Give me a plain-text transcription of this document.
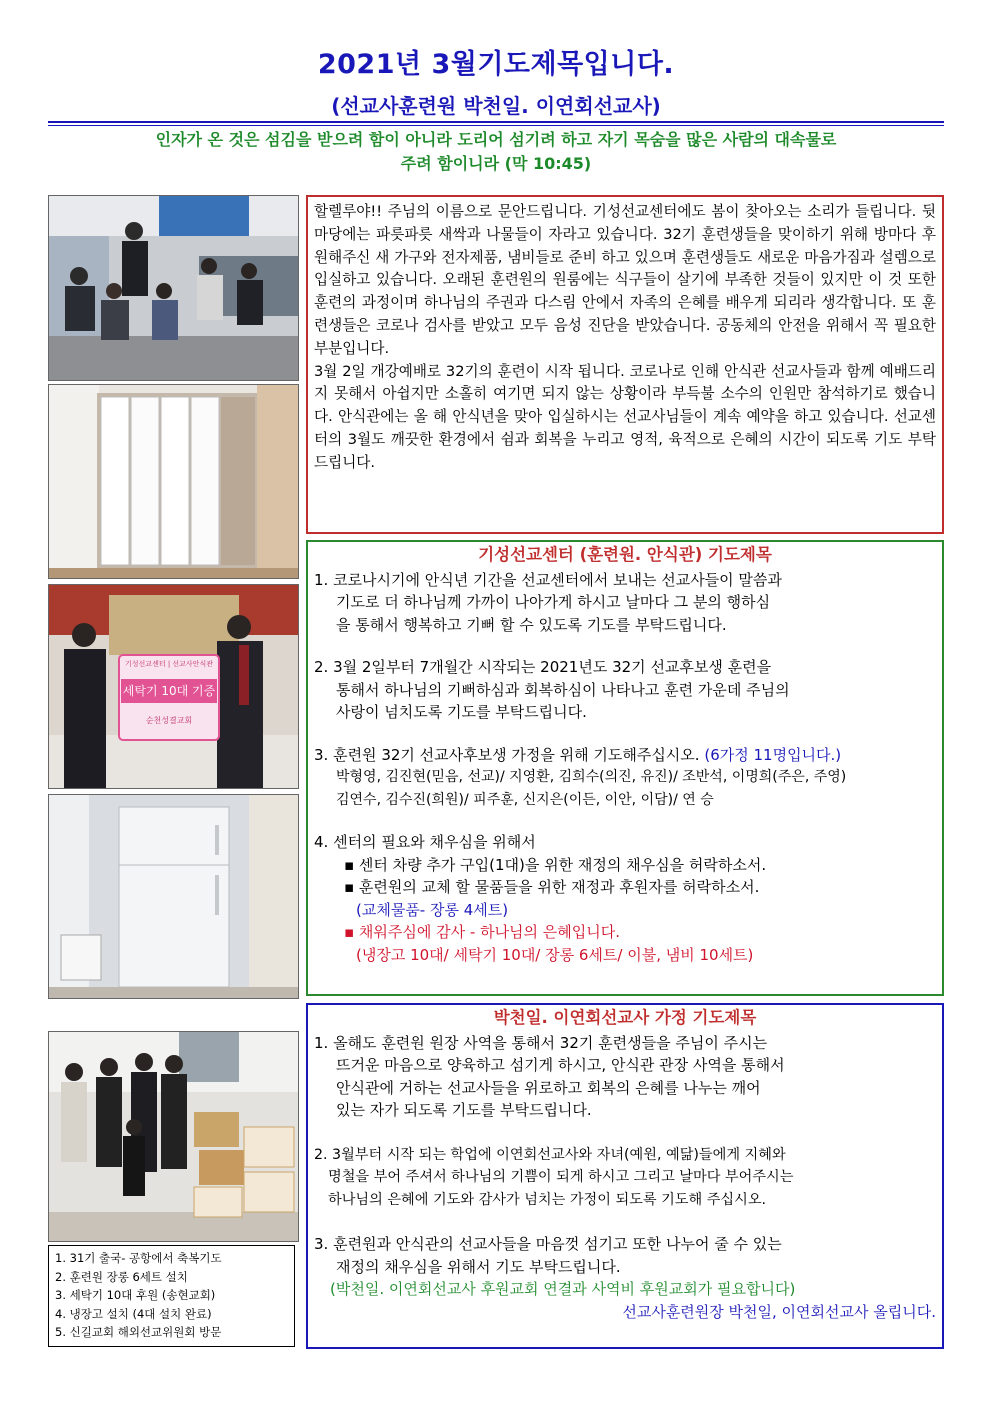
2021년 3월기도제목입니다.
(선교사훈련원 박천일. 이연회선교사)
인자가 온 것은 섬김을 받으려 함이 아니라 도리어 섬기려 하고 자기 목숨을 많은 사람의 대속물로
주려 함이니라 (막 10:45)
기성선교센터 | 선교사안식관
세탁기 10대 기증
순천성결교회
1. 31기 출국- 공항에서 축복기도
2. 훈련원 장롱 6세트 설치
3. 세탁기 10대 후원 (송현교회)
4. 냉장고 설치 (4대 설치 완료)
5. 신길교회 해외선교위원회 방문

할렐루야!! 주님의 이름으로 문안드립니다. 기성선교센터에도 봄이 찾아오는 소리가 들립니다. 뒷마당에는 파릇파릇 새싹과 나물들이 자라고 있습니다. 32기 훈련생들을 맞이하기 위해 방마다 후원해주신 새 가구와 전자제품, 냄비들로 준비 하고 있으며 훈련생들도 새로운 마음가짐과 설렘으로 입실하고 있습니다. 오래된 훈련원의 원룸에는 식구들이 살기에 부족한 것들이 있지만 이 것 또한 훈련의 과정이며 하나님의 주권과 다스림 안에서 자족의 은혜를 배우게 되리라 생각합니다. 또 훈련생들은 코로나 검사를 받았고 모두 음성 진단을 받았습니다. 공동체의 안전을 위해서 꼭 필요한 부분입니다.

3월 2일 개강예배로 32기의 훈련이 시작 됩니다. 코로나로 인해 안식관 선교사들과 함께 예배드리지 못해서 아쉽지만 소홀히 여기면 되지 않는 상황이라 부득불 소수의 인원만 참석하기로 했습니다. 안식관에는 올 해 안식년을 맞아 입실하시는 선교사님들이 계속 예약을 하고 있습니다. 선교센터의 3월도 깨끗한 환경에서 쉼과 회복을 누리고 영적, 육적으로 은혜의 시간이 되도록 기도 부탁드립니다.

기성선교센터 (훈련원. 안식관) 기도제목
1. 코로나시기에 안식년 기간을 선교센터에서 보내는 선교사들이 말씀과
기도로 더 하나님께 가까이 나아가게 하시고 날마다 그 분의 행하심
을 통해서 행복하고 기뻐 할 수 있도록 기도를 부탁드립니다.
2. 3월 2일부터 7개월간 시작되는 2021년도 32기 선교후보생 훈련을
통해서 하나님의 기뻐하심과 회복하심이 나타나고 훈련 가운데 주님의
사랑이 넘치도록 기도를 부탁드립니다.
3. 훈련원 32기 선교사후보생 가정을 위해 기도해주십시오. (6가정 11명입니다.)
박형영, 김진현(믿음, 선교)/ 지영환, 김희수(의진, 유진)/ 조반석, 이명희(주은, 주영)
김연수, 김수진(희원)/ 피주훈, 신지은(이든, 이안, 이담)/ 연 승
4. 센터의 필요와 채우심을 위해서
▪ 센터 차량 추가 구입(1대)을 위한 재정의 채우심을 허락하소서.
▪ 훈련원의 교체 할 물품들을 위한 재정과 후원자를 허락하소서.
(교체물품- 장롱 4세트)
▪ 채워주심에 감사 - 하나님의 은혜입니다.
(냉장고 10대/ 세탁기 10대/ 장롱 6세트/ 이불, 냄비 10세트)
박천일. 이연회선교사 가정 기도제목
1. 올해도 훈련원 원장 사역을 통해서 32기 훈련생들을 주님이 주시는
뜨거운 마음으로 양육하고 섬기게 하시고, 안식관 관장 사역을 통해서
안식관에 거하는 선교사들을 위로하고 회복의 은혜를 나누는 깨어
있는 자가 되도록 기도를 부탁드립니다.
2. 3월부터 시작 되는 학업에 이연회선교사와 자녀(예원, 예닮)들에게 지혜와
명철을 부어 주셔서 하나님의 기쁨이 되게 하시고 그리고 날마다 부어주시는
하나님의 은혜에 기도와 감사가 넘치는 가정이 되도록 기도해 주십시오.
3. 훈련원과 안식관의 선교사들을 마음껏 섬기고 또한 나누어 줄 수 있는
재정의 채우심을 위해서 기도 부탁드립니다.
(박천일. 이연회선교사 후원교회 연결과 사역비 후원교회가 필요합니다)
선교사훈련원장 박천일, 이연회선교사 올립니다.
